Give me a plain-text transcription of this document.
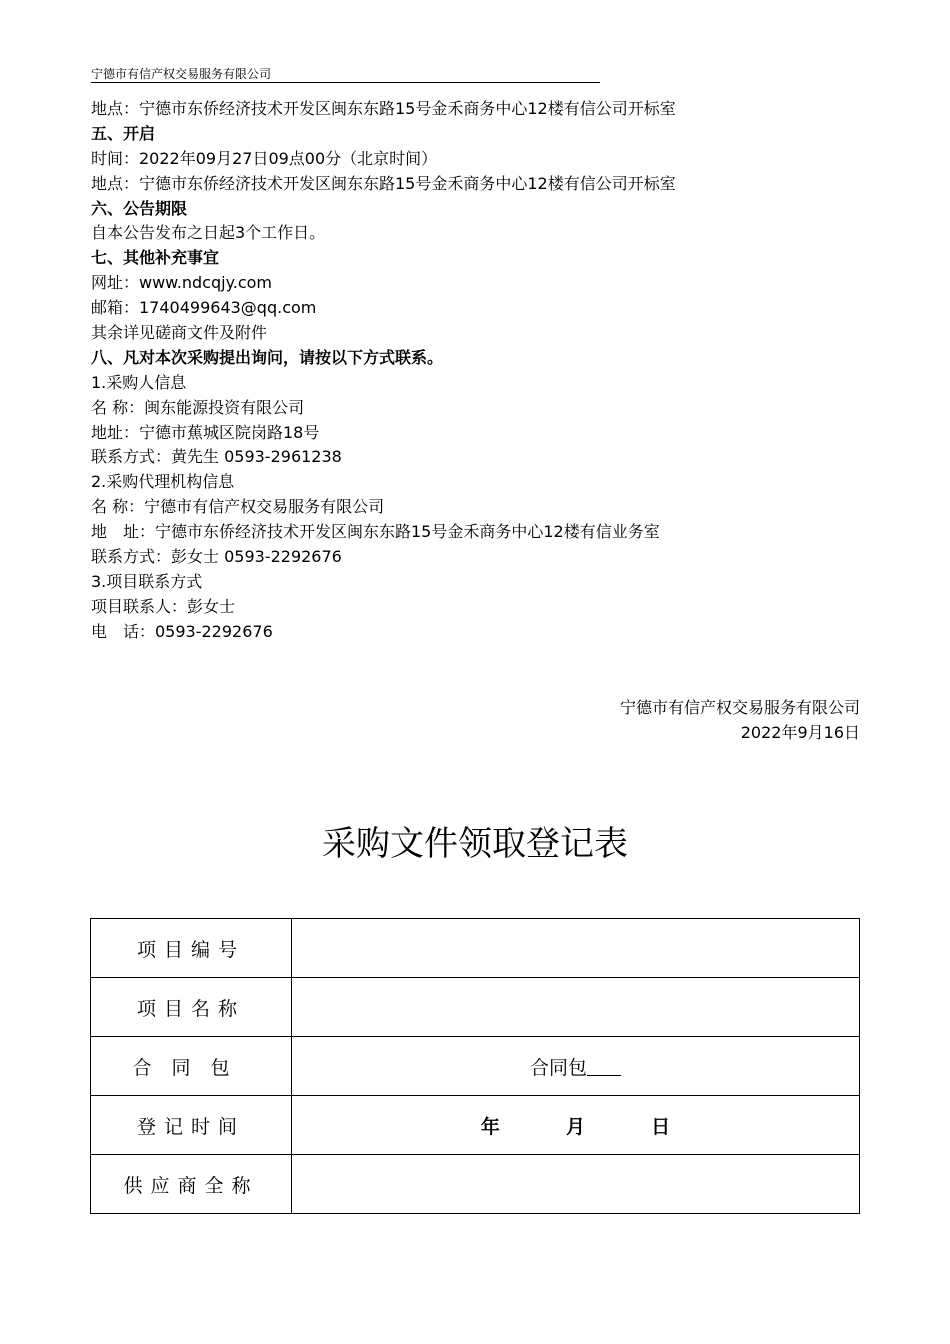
宁德市有信产权交易服务有限公司
地点：宁德市东侨经济技术开发区闽东东路15号金禾商务中心12楼有信公司开标室
五、开启
时间：2022年09月27日09点00分（北京时间）
地点：宁德市东侨经济技术开发区闽东东路15号金禾商务中心12楼有信公司开标室
六、公告期限
自本公告发布之日起3个工作日。
七、其他补充事宜
网址：www.ndcqjy.com
邮箱：1740499643@qq.com
其余详见磋商文件及附件
八、凡对本次采购提出询问，请按以下方式联系。
1.采购人信息
名 称：闽东能源投资有限公司
地址：宁德市蕉城区院岗路18号
联系方式：黄先生 0593-2961238
2.采购代理机构信息
名 称：宁德市有信产权交易服务有限公司
地　址：宁德市东侨经济技术开发区闽东东路15号金禾商务中心12楼有信业务室
联系方式：彭女士 0593-2292676
3.项目联系方式
项目联系人：彭女士
电　话：0593-2292676
宁德市有信产权交易服务有限公司
2022年9月16日
采购文件领取登记表
项目编号	
项目名称	
合同包	合同包
登记时间	年 月 日
供应商全称	
